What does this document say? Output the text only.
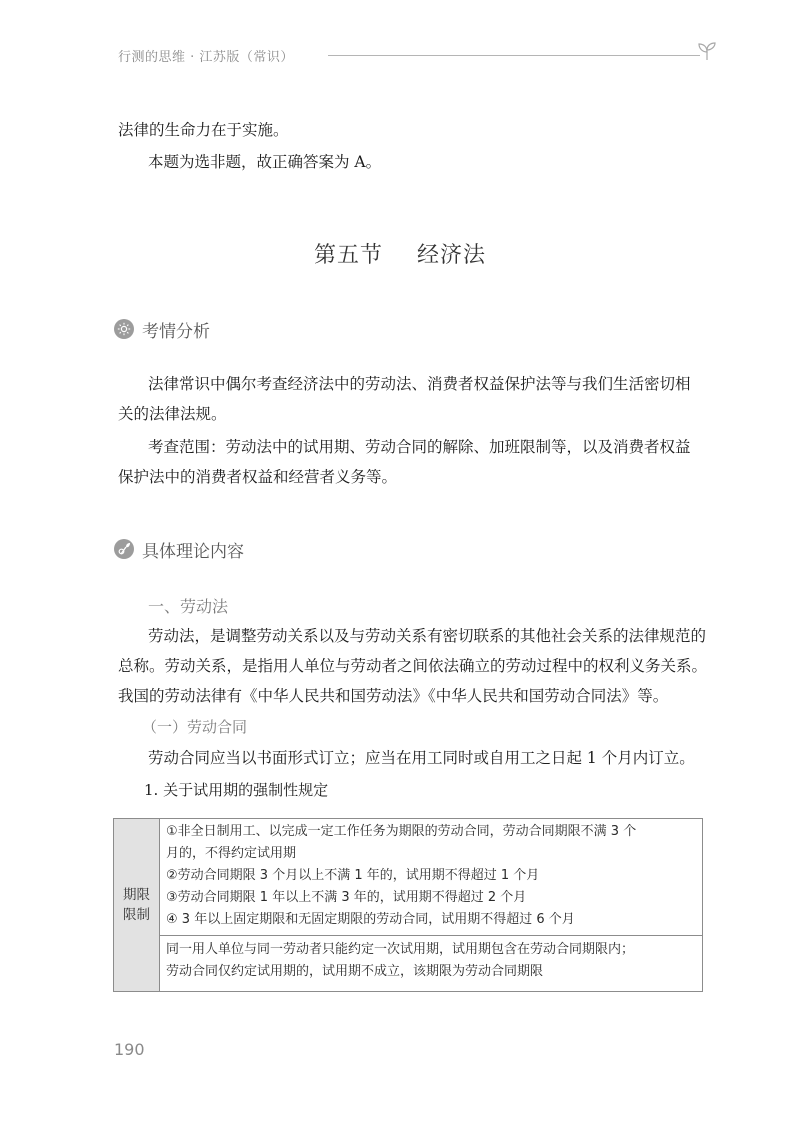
行测的思维 · 江苏版（常识）

法律的生命力在于实施。

本题为选非题，故正确答案为 A。

第五节 经济法
考情分析

法律常识中偶尔考查经济法中的劳动法、消费者权益保护法等与我们生活密切相

关的法律法规。

考查范围：劳动法中的试用期、劳动合同的解除、加班限制等，以及消费者权益

保护法中的消费者权益和经营者义务等。

具体理论内容
一、劳动法

劳动法，是调整劳动关系以及与劳动关系有密切联系的其他社会关系的法律规范的

总称。劳动关系，是指用人单位与劳动者之间依法确立的劳动过程中的权利义务关系。

我国的劳动法律有《中华人民共和国劳动法》《中华人民共和国劳动合同法》等。

（一）劳动合同

劳动合同应当以书面形式订立；应当在用工同时或自用工之日起 1 个月内订立。

1. 关于试用期的强制性规定

期限
限制
①非全日制用工、以完成一定工作任务为期限的劳动合同，劳动合同期限不满 3 个
月的，不得约定试用期
②劳动合同期限 3 个月以上不满 1 年的，试用期不得超过 1 个月
③劳动合同期限 1 年以上不满 3 年的，试用期不得超过 2 个月
④ 3 年以上固定期限和无固定期限的劳动合同，试用期不得超过 6 个月
同一用人单位与同一劳动者只能约定一次试用期，试用期包含在劳动合同期限内；
劳动合同仅约定试用期的，试用期不成立，该期限为劳动合同期限
190
